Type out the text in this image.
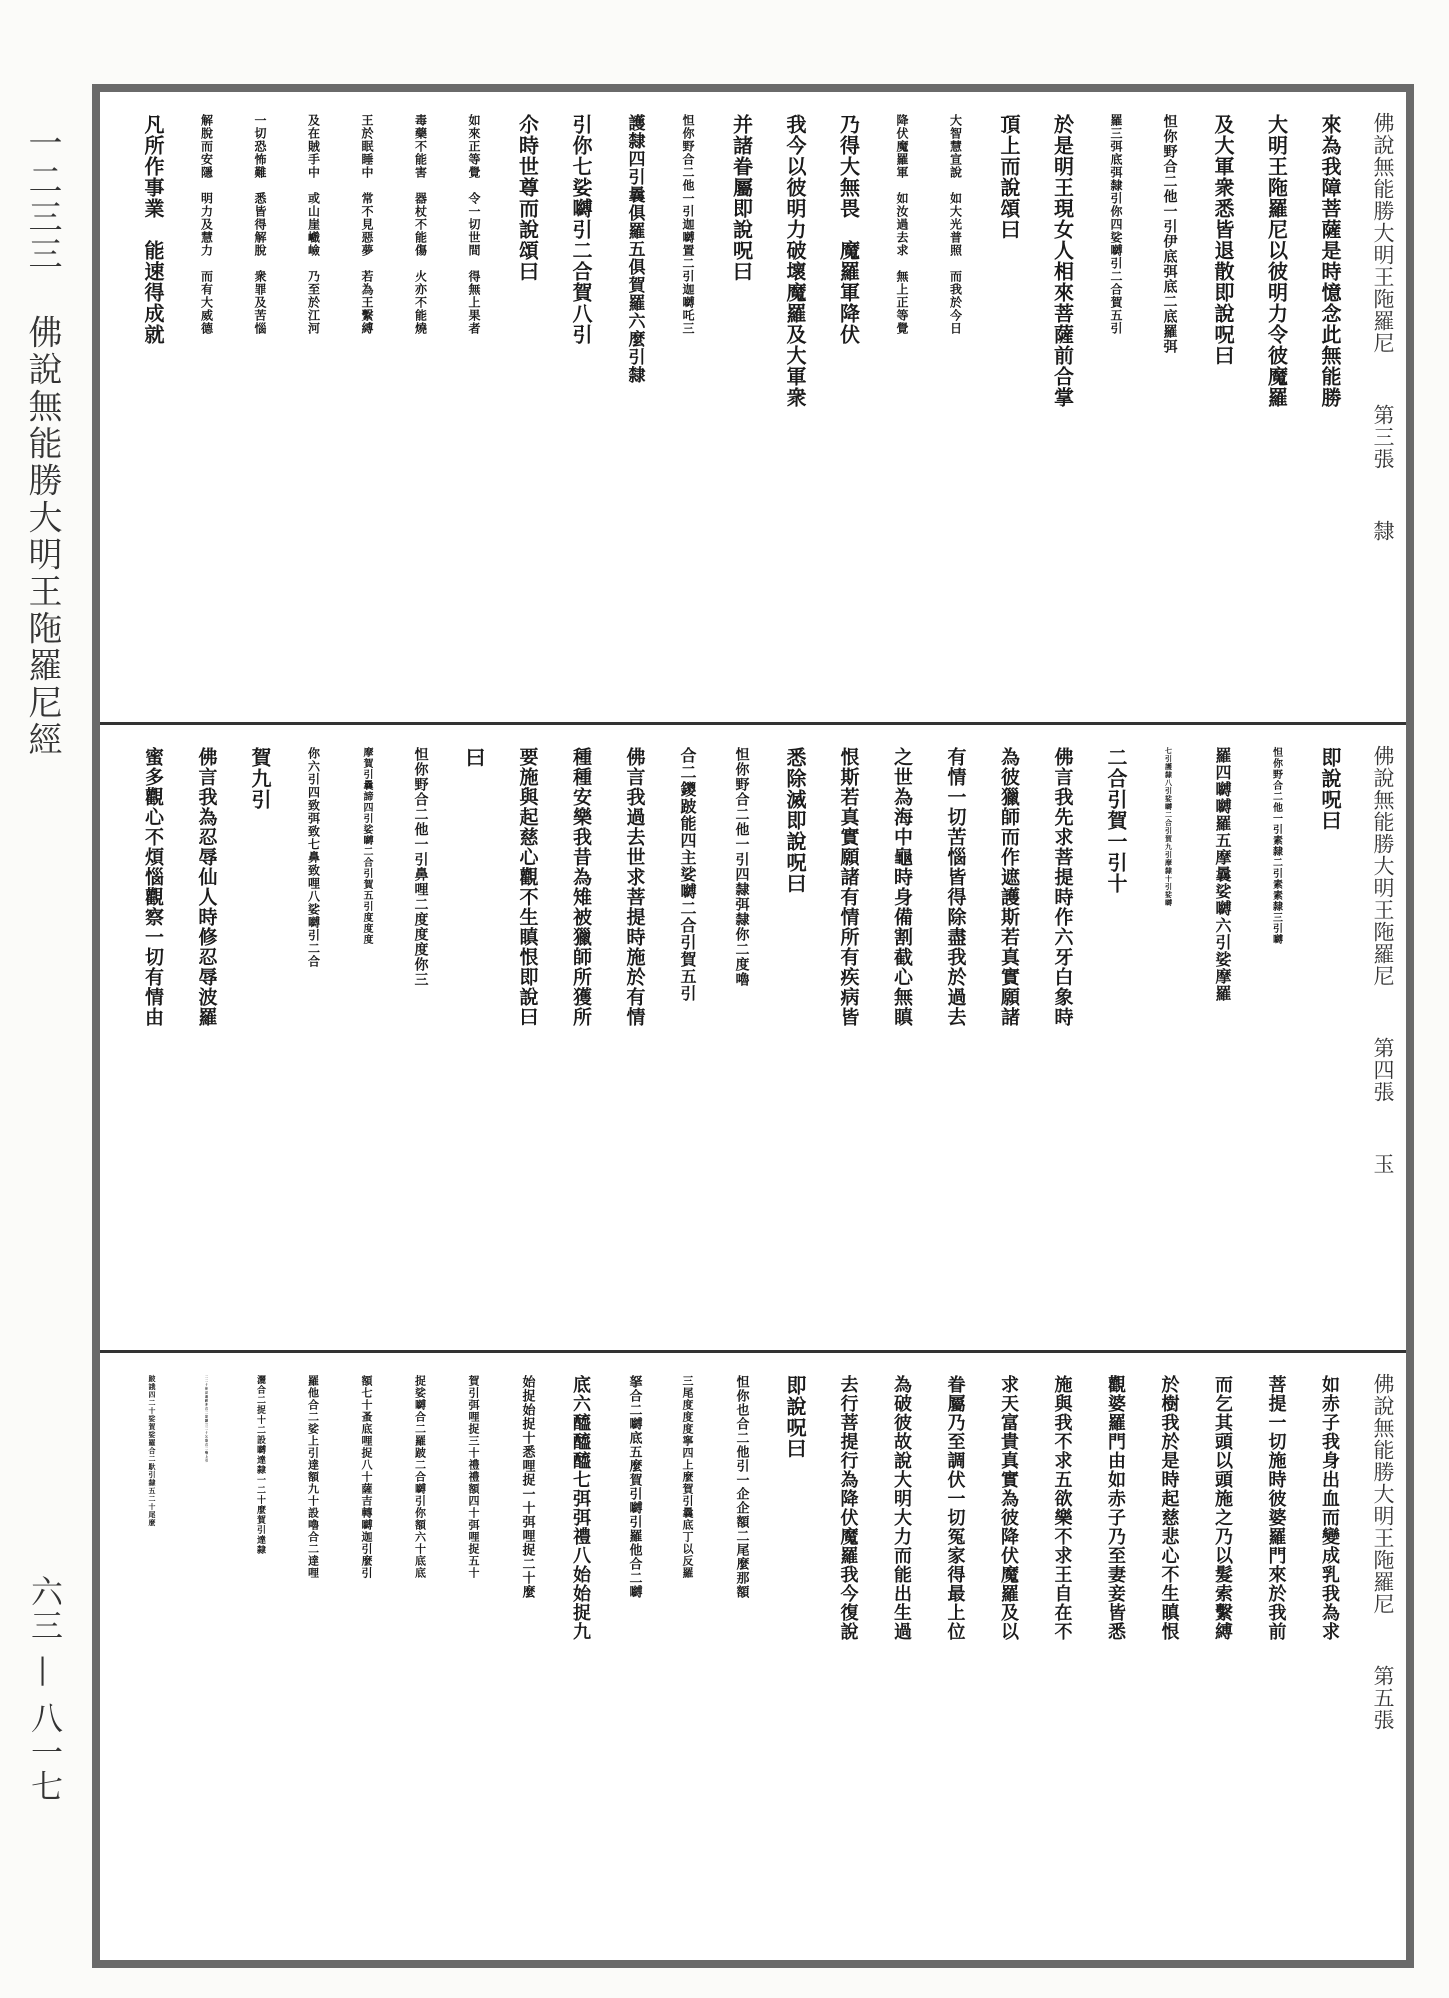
一二三三  佛說無能勝大明王陁羅尼經
六三 — 八一七
佛說無能勝大明王陁羅尼
第三張
隸
來為我障菩薩是時憶念此無能勝
大明王陁羅尼以彼明力令彼魔羅
及大軍衆悉皆退散即說呪曰
怛你野合二他一引伊底弭底二底羅弭
羅三弭底弭隸引你四娑嚩引二合賀五引
於是明王現女人相來菩薩前合掌
頂上而說頌曰
大智慧宣說　如大光普照　而我於今日
降伏魔羅軍　如汝過去求　無上正等覺
乃得大無畏　魔羅軍降伏
我今以彼明力破壞魔羅及大軍衆
并諸眷屬即說呪曰
怛你野合二他一引迦嚩置二引迦嚩吒三
護隸四引曩俱羅五俱賀羅六麼引隸
引你七娑嚩引二合賀八引
尒時世尊而說頌曰
如來正等覺　令一切世間　得無上果者
毒藥不能害　器杖不能傷　火亦不能燒
王於眠睡中　常不見惡夢　若為王繫縛
及在賊手中　或山崖巇嶮　乃至於江河
一切恐怖難　悉皆得解脫　衆罪及苦惱
解脫而安隱　明力及慧力　而有大威德
凡所作事業　能速得成就
佛說無能勝大明王陁羅尼
第四張
玉
即說呪曰
怛你野合二他一引素隸二引素素隸三引嚩
羅四嚩嚩羅五摩曩娑嚩六引娑摩羅
七引護隸八引娑嚩二合引賀九引摩隸十引娑嚩
二合引賀一引十
佛言我先求菩提時作六牙白象時
為彼獵師而作遮護斯若真實願諸
有情一切苦惱皆得除盡我於過去
之世為海中龜時身備割截心無瞋
恨斯若真實願諸有情所有疾病皆
悉除滅即說呪曰
怛你野合二他一引四隸弭隸你二度嚕
合二鑁跛能四主娑嚩二合引賀五引
佛言我過去世求菩提時施於有情
種種安樂我昔為雉被獵師所獲所
要施與起慈心觀不生瞋恨即說曰
曰
怛你野合二他一引鼻哩二度度度你三
摩賀引曩諦四引娑嚩二合引賀五引度度度
你六引四致弭致七鼻致哩八娑嚩引二合
賀九引
佛言我為忍辱仙人時修忍辱波羅
蜜多觀心不煩惱觀察一切有情由
佛說無能勝大明王陁羅尼
第五張
如赤子我身出血而變成乳我為求
菩提一切施時彼婆羅門來於我前
而乞其頭以頭施之乃以髮索繫縛
於樹我於是時起慈悲心不生瞋恨
觀婆羅門由如赤子乃至妻妾皆悉
施與我不求五欲樂不求王自在不
求天富貴真實為彼降伏魔羅及以
眷屬乃至調伏一切冤家得最上位
為破彼故說大明大力而能出生過
去行菩提行為降伏魔羅我今復說
即說呪曰
怛你也合二他引一企企額二尾麼那額
三尾度度度寧四上麼賀引曩底丁以反羅
拏合二嚩底五麼賀引嚩引羅他合二嚩
底六醯醯醯七弭弭禮八始始捉九
始捉始捉十悉哩捉一十弭哩捉二十麼
賀引弭哩捉三十禮禮額四十弭哩捉五十
捉娑嚩合二羅跛二合嚩引你額六十底底
額七十蚤底哩捉八十薩吉轉嚩迦引麼引
羅他合二娑上引達額九十設嚕合二達哩
灑合二捉十二設嚩達隸一二十麼賀引達隸
二二十你反迦跛多合二達隸三二十乞芻合二嚕上引
跛誐四二十娑賀娑羅合二馱引隸五二十尾麼
